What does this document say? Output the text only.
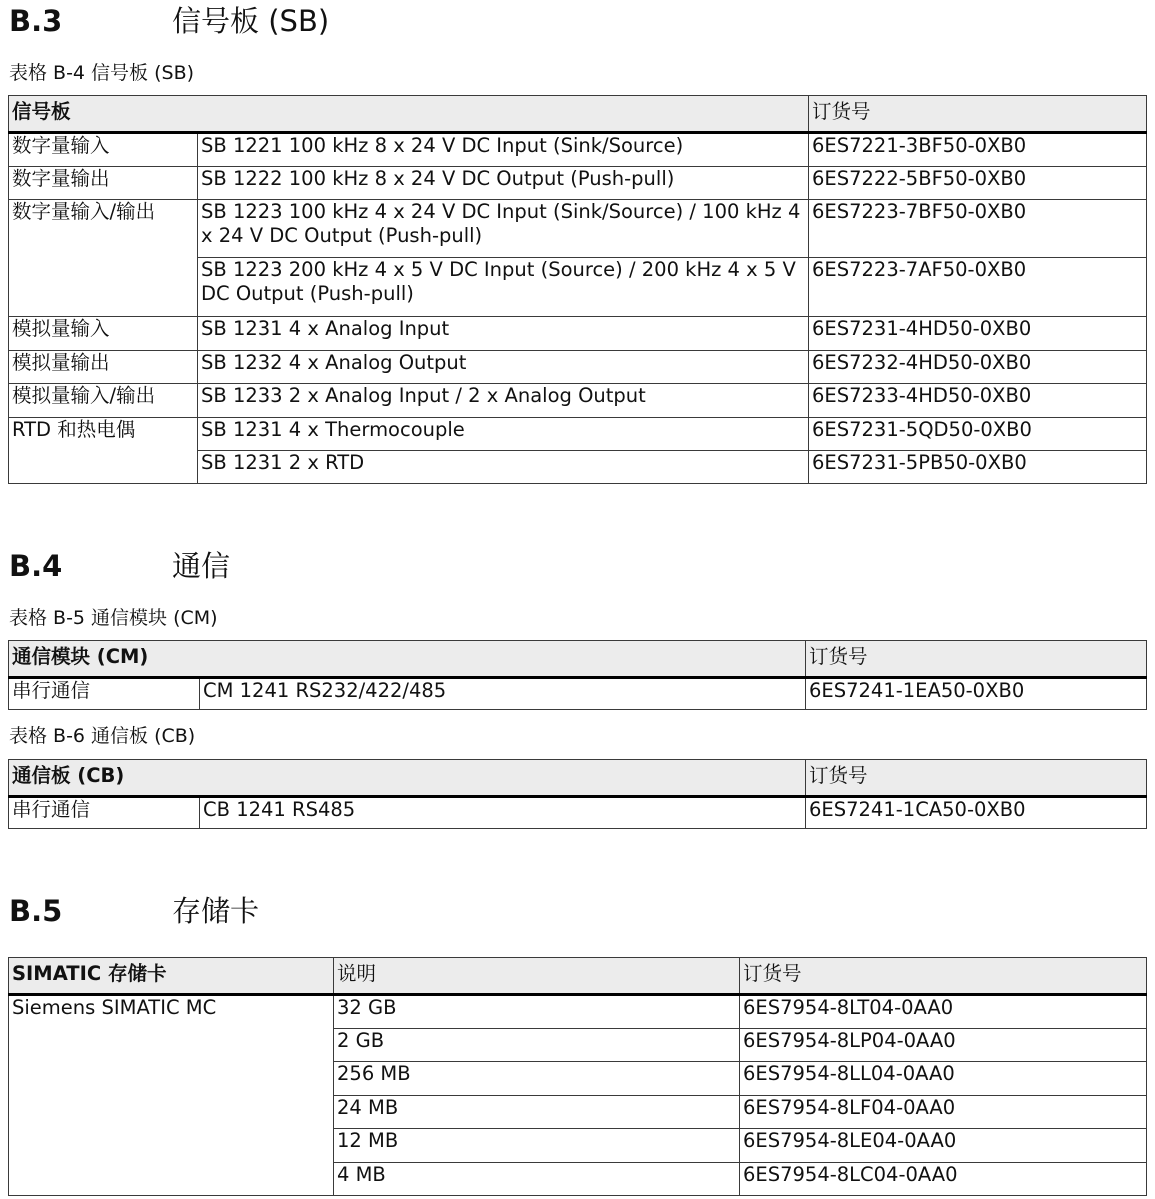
B.3	信号板 (SB)
表格 B-4 信号板 (SB)
信号板		订货号
数字量输入	SB 1221 100 kHz 8 x 24 V DC Input (Sink/Source)	6ES7221-3BF50-0XB0
数字量输出	SB 1222 100 kHz 8 x 24 V DC Output (Push-pull)	6ES7222-5BF50-0XB0
数字量输入/输出	SB 1223 100 kHz 4 x 24 V DC Input (Sink/Source) / 100 kHz 4 x 24 V DC Output (Push-pull)	6ES7223-7BF50-0XB0
	SB 1223 200 kHz 4 x 5 V DC Input (Source) / 200 kHz 4 x 5 V DC Output (Push-pull)	6ES7223-7AF50-0XB0
模拟量输入	SB 1231 4 x Analog Input	6ES7231-4HD50-0XB0
模拟量输出	SB 1232 4 x Analog Output	6ES7232-4HD50-0XB0
模拟量输入/输出	SB 1233 2 x Analog Input / 2 x Analog Output	6ES7233-4HD50-0XB0
RTD 和热电偶	SB 1231 4 x Thermocouple	6ES7231-5QD50-0XB0
	SB 1231 2 x RTD	6ES7231-5PB50-0XB0
B.4	通信
表格 B-5 通信模块 (CM)
通信模块 (CM)		订货号
串行通信	CM 1241 RS232/422/485	6ES7241-1EA50-0XB0
表格 B-6 通信板 (CB)
通信板 (CB)		订货号
串行通信	CB 1241 RS485	6ES7241-1CA50-0XB0
B.5	存储卡
SIMATIC 存储卡	说明	订货号
Siemens SIMATIC MC	32 GB	6ES7954-8LT04-0AA0
	2 GB	6ES7954-8LP04-0AA0
	256 MB	6ES7954-8LL04-0AA0
	24 MB	6ES7954-8LF04-0AA0
	12 MB	6ES7954-8LE04-0AA0
	4 MB	6ES7954-8LC04-0AA0
